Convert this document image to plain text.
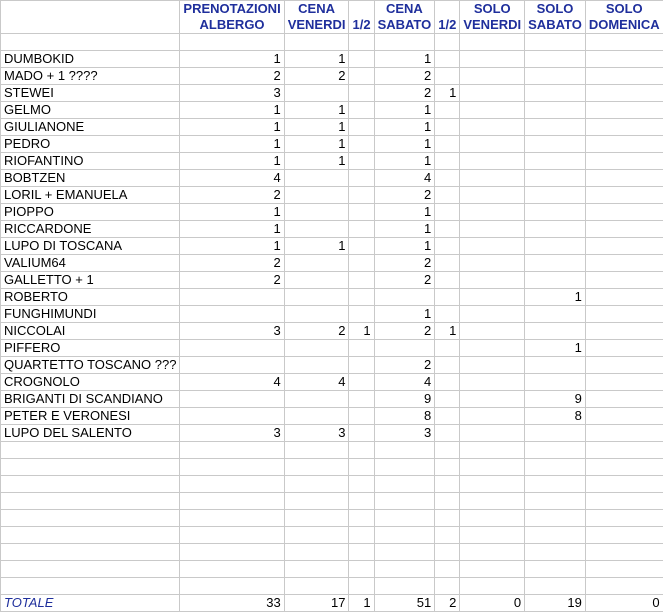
	PRENOTAZIONI	CENA		CENA		SOLO	SOLO	SOLO
	ALBERGO	VENERDI	1/2	SABATO	1/2	VENERDI	SABATO	DOMENICA

DUMBOKID	1	1		1				
MADO + 1 ????	2	2		2				
STEWEI	3			2	1			
GELMO	1	1		1				
GIULIANONE	1	1		1				
PEDRO	1	1		1				
RIOFANTINO	1	1		1				
BOBTZEN	4			4				
LORIL + EMANUELA	2			2				
PIOPPO	1			1				
RICCARDONE	1			1				
LUPO DI TOSCANA	1	1		1				
VALIUM64	2			2				
GALLETTO + 1	2			2				
ROBERTO							1	
FUNGHIMUNDI				1				
NICCOLAI	3	2	1	2	1			
PIFFERO							1	
QUARTETTO TOSCANO ???				2				
CROGNOLO	4	4		4				
BRIGANTI DI SCANDIANO				9			9	
PETER E VERONESI				8			8	
LUPO DEL SALENTO	3	3		3				

TOTALE	33	17	1	51	2	0	19	0
